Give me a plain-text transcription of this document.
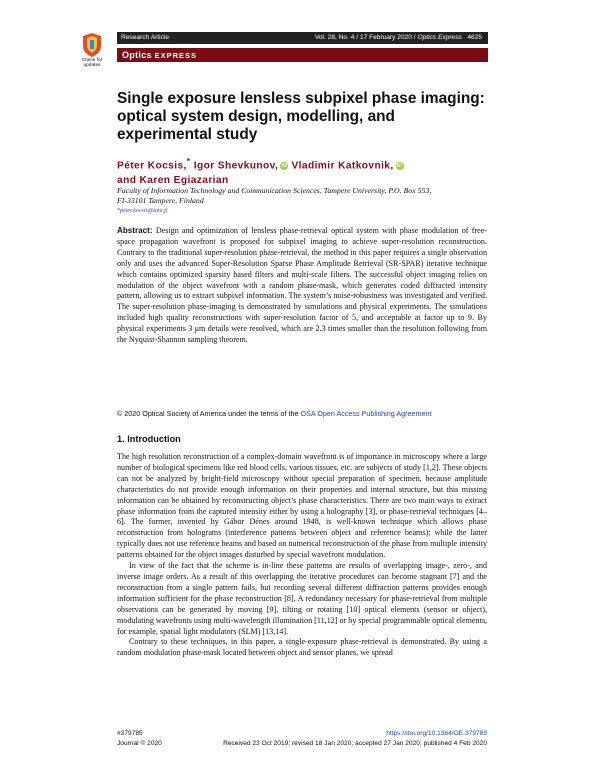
Check for
updates
Research Article	Vol. 28, No. 4 / 17 February 2020 / Optics Express 4625
Optics EXPRESS
Single exposure lensless subpixel phase imaging: optical system design, modelling, and experimental study
Péter Kocsis,* Igor Shevkunov, iD Vladimir Katkovnik, iD
and Karen Egiazarian
Faculty of Information Technology and Communication Sciences, Tampere University, P.O. Box 553,
FI-33101 Tampere, Finland
*peter.kocsis@tuni.fi
Abstract: Design and optimization of lensless phase-retrieval optical system with phase modulation of free-space propagation wavefront is proposed for subpixel imaging to achieve super-resolution reconstruction. Contrary to the traditional super-resolution phase-retrieval, the method in this paper requires a single observation only and uses the advanced Super-Resolution Sparse Phase Amplitude Retrieval (SR-SPAR) iterative technique which contains optimized sparsity based filters and multi-scale filters. The successful object imaging relies on modulation of the object wavefront with a random phase-mask, which generates coded diffracted intensity pattern, allowing us to extract subpixel information. The system’s noise-robustness was investigated and verified. The super-resolution phase-imaging is demonstrated by simulations and physical experiments. The simulations included high quality reconstructions with super-resolution factor of 5, and acceptable at factor up to 9. By physical experiments 3 μm details were resolved, which are 2.3 times smaller than the resolution following from the Nyquist-Shannon sampling theorem.
© 2020 Optical Society of America under the terms of the OSA Open Access Publishing Agreement
1. Introduction

The high resolution reconstruction of a complex-domain wavefront is of importance in microscopy where a large number of biological specimens like red blood cells, various tissues, etc. are subjects of study [1,2]. These objects can not be analyzed by bright-field microscopy without special preparation of specimen, because amplitude characteristics do not provide enough information on their properties and internal structure, but this missing information can be obtained by reconstructing object’s phase characteristics. There are two main ways to extract phase information from the captured intensity either by using a holography [3], or phase-retrieval techniques [4–6]. The former, invented by Gábor Dénes around 1948, is well-known technique which allows phase reconstruction from holograms (interference patterns between object and reference beams); while the latter typically does not use reference beams and based on numerical reconstruction of the phase from multiple intensity patterns obtained for the object images disturbed by special wavefront modulation.

In view of the fact that the scheme is in-line these patterns are results of overlapping image-, zero-, and inverse image orders. As a result of this overlapping the iterative procedures can become stagnant [7] and the reconstruction from a single pattern fails, but recording several different diffraction patterns provides enough information sufficient for the phase reconstruction [8]. A redundancy necessary for phase-retrieval from multiple observations can be generated by moving [9], tilting or rotating [10] optical elements (sensor or object), modulating wavefronts using multi-wavelength illumination [11,12] or by special programmable optical elements, for example, spatial light modulators (SLM) [13,14].

Contrary to these techniques, in this paper, a single-exposure phase-retrieval is demonstrated. By using a random modulation phase-mask located between object and sensor planes, we spread

#379785
Journal © 2020
https://doi.org/10.1364/OE.379785
Received 23 Oct 2019; revised 18 Jan 2020; accepted 27 Jan 2020; published 4 Feb 2020
